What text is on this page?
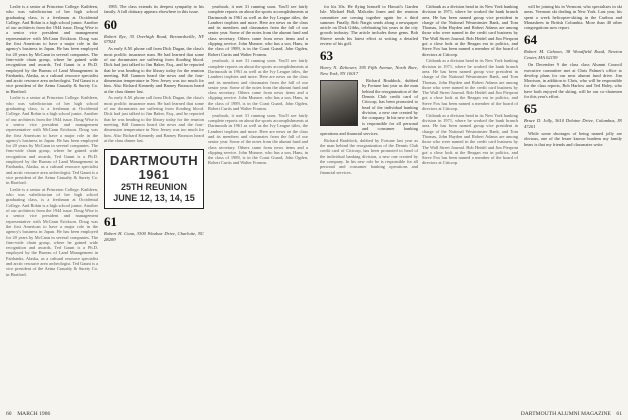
Leslie is a senior at Princeton College. Kathleen, who was valedictorian of her high school graduating class, is a freshman at Occidental College. And Robin is a high school junior. Another of our architects from the 1944 issue, Doug Wise is a senior vice president and management representative with McCann Erickson. Doug was the first American to have a major role in the agency's business in Japan. He has been employed for 20 years by McCann in several companies. The firm-wide chain group, where he gained wide recognition and awards, Ted Gaunt is a Ph.D. employed by the Bureau of Land Management in Fairbanks, Alaska, as a cultural resource specialist and arctic resource area archeologist. Ted Gaunt is a vice president of the Aetna Casualty & Surety Co. in Hartford.

Leslie is a senior at Princeton College. Kathleen, who was valedictorian of her high school graduating class, is a freshman at Occidental College. And Robin is a high school junior. Another of our architects from the 1944 issue, Doug Wise is a senior vice president and management representative with McCann Erickson. Doug was the first American to have a major role in the agency's business in Japan. He has been employed for 20 years by McCann in several companies. The firm-wide chain group, where he gained wide recognition and awards, Ted Gaunt is a Ph.D. employed by the Bureau of Land Management in Fairbanks, Alaska, as a cultural resource specialist and arctic resource area archeologist. Ted Gaunt is a vice president of the Aetna Casualty & Surety Co. in Hartford.

Leslie is a senior at Princeton College. Kathleen, who was valedictorian of her high school graduating class, is a freshman at Occidental College. And Robin is a high school junior. Another of our architects from the 1944 issue, Doug Wise is a senior vice president and management representative with McCann Erickson. Doug was the first American to have a major role in the agency's business in Japan. He has been employed for 20 years by McCann in several companies. The firm-wide chain group, where he gained wide recognition and awards, Ted Gaunt is a Ph.D. employed by the Bureau of Land Management in Fairbanks, Alaska, as a cultural resource specialist and arctic resource area archeologist. Ted Gaunt is a vice president of the Aetna Casualty & Surety Co. in Hartford.

1985. The class extends its deepest sympathy to his family. A full obituary appears elsewhere in this issue.

60
Robert Rye, 35 Overhigh Road, Bernardsville, NY 07924

As early A.M. phone call from Dick Dugan, the class's most prolific insurance man. He had learned that some of our dormmates are suffering from flooding blood. Dick had just talked to Jim Baker, Esq., and he reported that he was heading to the library today for the reunion meeting. Bill Gannon heard the news and the four-dimension temperature in New Jersey was too much for him. Also Richard Kennedy and Barney Bronson heard at the class dinner last.

As early A.M. phone call from Dick Dugan, the class's most prolific insurance man. He had learned that some of our dormmates are suffering from flooding blood. Dick had just talked to Jim Baker, Esq., and he reported that he was heading to the library today for the reunion meeting. Bill Gannon heard the news and the four-dimension temperature in New Jersey was too much for him. Also Richard Kennedy and Barney Bronson heard at the class dinner last.

DARTMOUTH 1961
25TH REUNION
JUNE 12, 13, 14, 15
61
Robert H. Conn, 3300 Windsor Drive, Charlotte, NC 28209

yearbook, it met 31 running soon. You'll see fairly complete reports on about the sports accomplishments at Dartmouth in 1961 as well as the Ivy League titles, the Lambert trophies and more. Here are news on the class and its members and classmates from the fall of our senior year. Some of the notes from the alumni fund and class secretary. Others came from news items and a clipping service. John Munroe, who has a son, Hans, in the class of 1989, is in the Coast Guard, John Ogden, Robert Curtis and Walter Fromm.

yearbook, it met 31 running soon. You'll see fairly complete reports on about the sports accomplishments at Dartmouth in 1961 as well as the Ivy League titles, the Lambert trophies and more. Here are news on the class and its members and classmates from the fall of our senior year. Some of the notes from the alumni fund and class secretary. Others came from news items and a clipping service. John Munroe, who has a son, Hans, in the class of 1989, is in the Coast Guard, John Ogden, Robert Curtis and Walter Fromm.

yearbook, it met 31 running soon. You'll see fairly complete reports on about the sports accomplishments at Dartmouth in 1961 as well as the Ivy League titles, the Lambert trophies and more. Here are news on the class and its members and classmates from the fall of our senior year. Some of the notes from the alumni fund and class secretary. Others came from news items and a clipping service. John Munroe, who has a son, Hans, in the class of 1989, is in the Coast Guard, John Ogden, Robert Curtis and Walter Fromm.

60 MARCH 1986

for his 30s. He flying himself to Hawaii's Garden Isle. Michael Hall, Malcolm Jones and the reunion committee are coming together again for a third summer. Finally, Bob Nargis sends along a newspaper article on Dick Gibbs, celebrating his years in the city growth industry. The article includes these gems. Bob Shreve sends his latest effort at writing a detailed review of his golf.

63
Harry N. Zirkower, 395 Fifth Avenue, North Bore, New York, NY 10017

Richard Braddock, dubbed by Fortune last year as the man behind the reorganization of the Dennis Club credit card of Citicorp, has been promoted to head of the individual banking division, a new one created by the company. In his new role he is responsible for all personal and consumer banking operations and financial services.

Richard Braddock, dubbed by Fortune last year as the man behind the reorganization of the Dennis Club credit card of Citicorp, has been promoted to head of the individual banking division, a new one created by the company. In his new role he is responsible for all personal and consumer banking operations and financial services.

Citibank as a division head in its New York banking division in 1971, where he worked the bank branch area. He has been named group vice president in charge of the National Westminster Bank, and Tom Thomas, John Hayden and Robert Adams are among those who were named in the credit card business by The Wall Street Journal. Bob Heidel and Jim Pierpont got a close look at the Reagan era in politics, and Steve Fox has been named a member of the board of directors at Citicorp.

Citibank as a division head in its New York banking division in 1971, where he worked the bank branch area. He has been named group vice president in charge of the National Westminster Bank, and Tom Thomas, John Hayden and Robert Adams are among those who were named in the credit card business by The Wall Street Journal. Bob Heidel and Jim Pierpont got a close look at the Reagan era in politics, and Steve Fox has been named a member of the board of directors at Citicorp.

Citibank as a division head in its New York banking division in 1971, where he worked the bank branch area. He has been named group vice president in charge of the National Westminster Bank, and Tom Thomas, John Hayden and Robert Adams are among those who were named in the credit card business by The Wall Street Journal. Bob Heidel and Jim Pierpont got a close look at the Reagan era in politics, and Steve Fox has been named a member of the board of directors at Citicorp.

will be joining his in Vermont, who specializes in ski areas. Vermont ski dealing in New York. Last year, his spent a week helicopter-skiing in the Caribou and Monashees in British Columbia. More than 40 other congregations now report.

64
Robert M. Cahoon, 38 Woodfield Road, Newton Center, MA 02159

On December 9 the class class Alumni Council executive committee met at Chris Palmer's office to develop plans for our next alumni fund drive. Jim Morrison, in addition to Chris, who will be responsible for the class reports, Bob Harlow and Ted Haley, who have both enjoyed the skiing, will be our co-chairmen for this year's effort.

65
Bruce D. Jolly, 3610 Delaine Drive, Columbus, IN 47201

While some shortages of being named jolly are obvious, one of the lesser known burdens my family bears is that my friends and classmates write.

DARTMOUTH ALUMNI MAGAZINE 61
